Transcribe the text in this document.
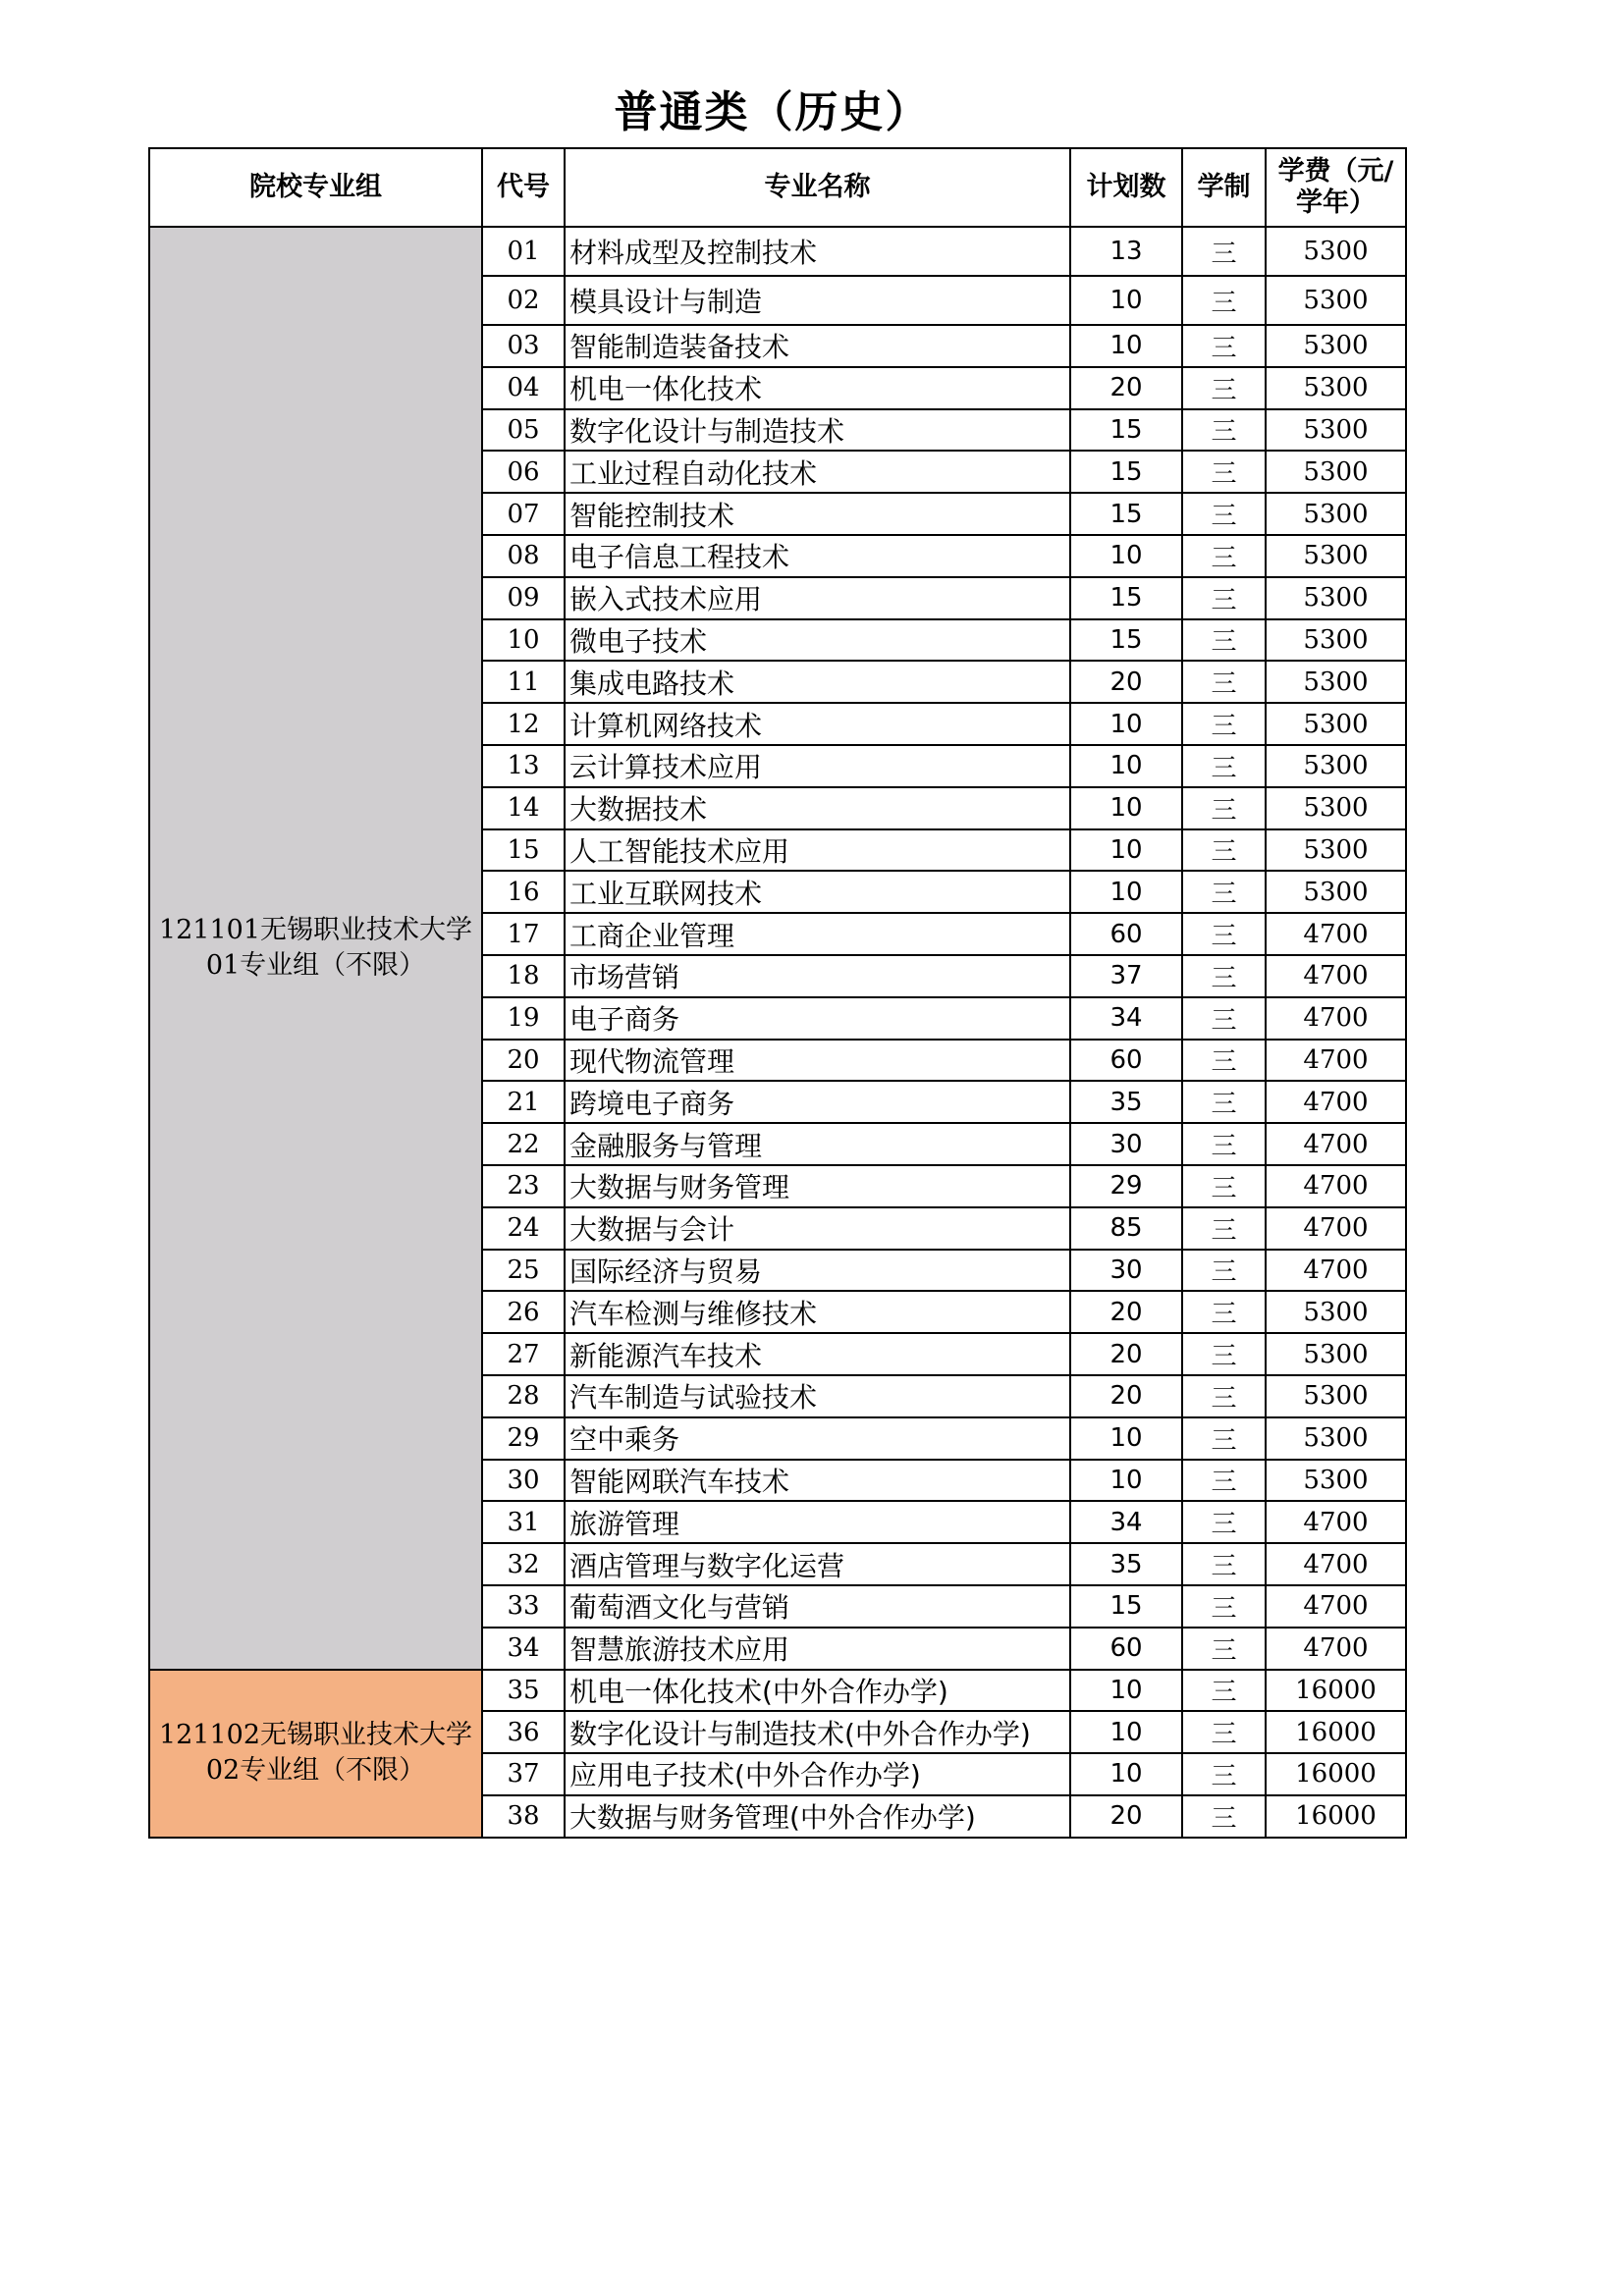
普通类（历史）
院校专业组	代号	专业名称	计划数	学制	学费（元/
学年）
121101无锡职业技术大学
01专业组（不限）	01	材料成型及控制技术	13	三	5300
	02	模具设计与制造	10	三	5300
	03	智能制造装备技术	10	三	5300
	04	机电一体化技术	20	三	5300
	05	数字化设计与制造技术	15	三	5300
	06	工业过程自动化技术	15	三	5300
	07	智能控制技术	15	三	5300
	08	电子信息工程技术	10	三	5300
	09	嵌入式技术应用	15	三	5300
	10	微电子技术	15	三	5300
	11	集成电路技术	20	三	5300
	12	计算机网络技术	10	三	5300
	13	云计算技术应用	10	三	5300
	14	大数据技术	10	三	5300
	15	人工智能技术应用	10	三	5300
	16	工业互联网技术	10	三	5300
	17	工商企业管理	60	三	4700
	18	市场营销	37	三	4700
	19	电子商务	34	三	4700
	20	现代物流管理	60	三	4700
	21	跨境电子商务	35	三	4700
	22	金融服务与管理	30	三	4700
	23	大数据与财务管理	29	三	4700
	24	大数据与会计	85	三	4700
	25	国际经济与贸易	30	三	4700
	26	汽车检测与维修技术	20	三	5300
	27	新能源汽车技术	20	三	5300
	28	汽车制造与试验技术	20	三	5300
	29	空中乘务	10	三	5300
	30	智能网联汽车技术	10	三	5300
	31	旅游管理	34	三	4700
	32	酒店管理与数字化运营	35	三	4700
	33	葡萄酒文化与营销	15	三	4700
	34	智慧旅游技术应用	60	三	4700
121102无锡职业技术大学
02专业组（不限）	35	机电一体化技术(中外合作办学)	10	三	16000
	36	数字化设计与制造技术(中外合作办学)	10	三	16000
	37	应用电子技术(中外合作办学)	10	三	16000
	38	大数据与财务管理(中外合作办学)	20	三	16000
